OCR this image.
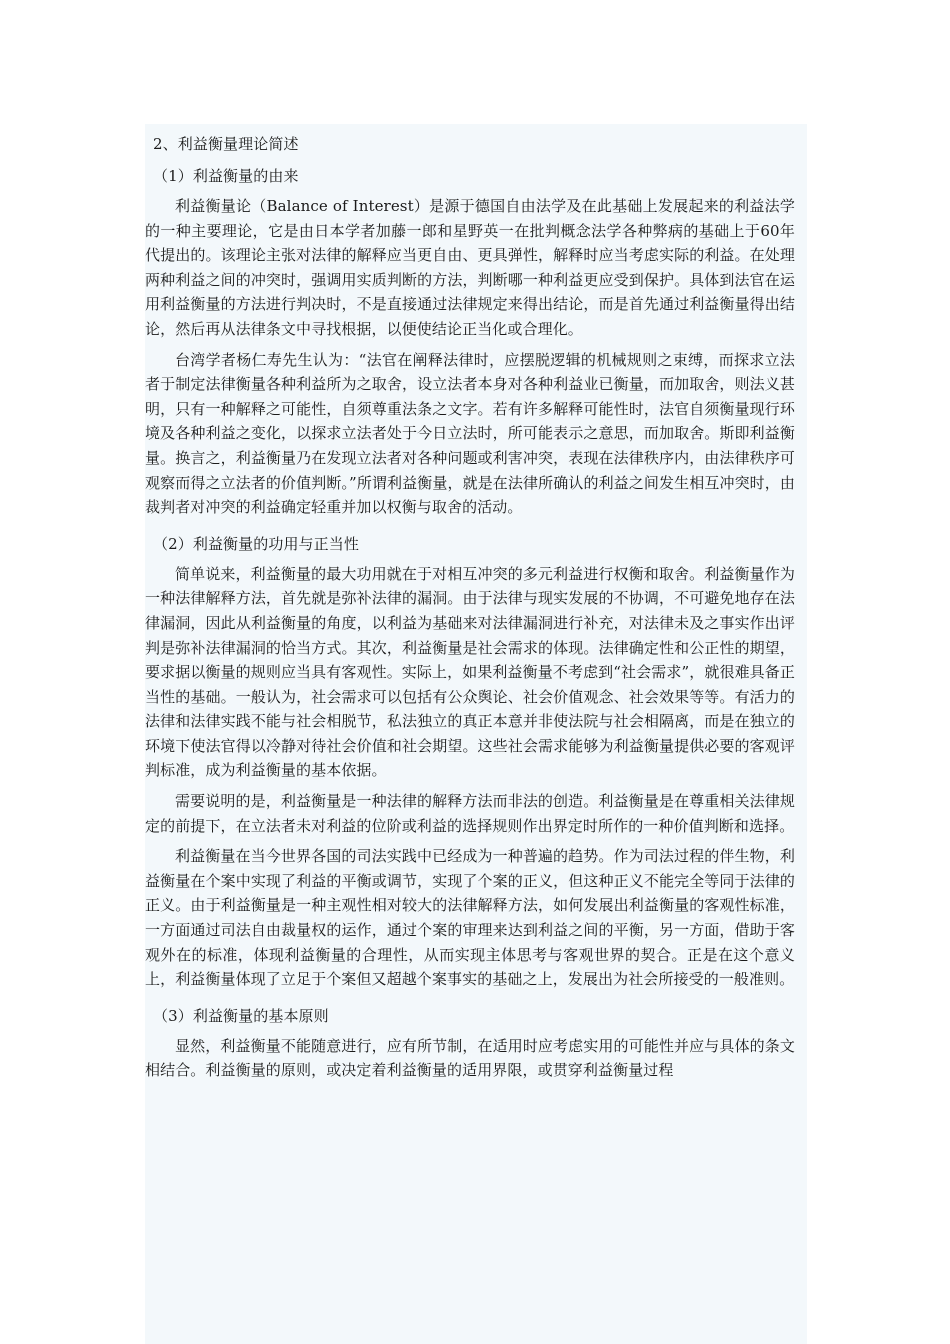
2、利益衡量理论简述
（1）利益衡量的由来

利益衡量论（Balance of Interest）是源于德国自由法学及在此基础上发展起来的利益法学的一种主要理论，它是由日本学者加藤一郎和星野英一在批判概念法学各种弊病的基础上于60年代提出的。该理论主张对法律的解释应当更自由、更具弹性，解释时应当考虑实际的利益。在处理两种利益之间的冲突时，强调用实质判断的方法，判断哪一种利益更应受到保护。具体到法官在运用利益衡量的方法进行判决时，不是直接通过法律规定来得出结论，而是首先通过利益衡量得出结论，然后再从法律条文中寻找根据，以便使结论正当化或合理化。

台湾学者杨仁寿先生认为：“法官在阐释法律时，应摆脱逻辑的机械规则之束缚，而探求立法者于制定法律衡量各种利益所为之取舍，设立法者本身对各种利益业已衡量，而加取舍，则法义甚明，只有一种解释之可能性，自须尊重法条之文字。若有许多解释可能性时，法官自须衡量现行环境及各种利益之变化，以探求立法者处于今日立法时，所可能表示之意思，而加取舍。斯即利益衡量。换言之，利益衡量乃在发现立法者对各种问题或利害冲突，表现在法律秩序内，由法律秩序可观察而得之立法者的价值判断。”所谓利益衡量，就是在法律所确认的利益之间发生相互冲突时，由裁判者对冲突的利益确定轻重并加以权衡与取舍的活动。

（2）利益衡量的功用与正当性

简单说来，利益衡量的最大功用就在于对相互冲突的多元利益进行权衡和取舍。利益衡量作为一种法律解释方法，首先就是弥补法律的漏洞。由于法律与现实发展的不协调，不可避免地存在法律漏洞，因此从利益衡量的角度，以利益为基础来对法律漏洞进行补充，对法律未及之事实作出评判是弥补法律漏洞的恰当方式。其次，利益衡量是社会需求的体现。法律确定性和公正性的期望，要求据以衡量的规则应当具有客观性。实际上，如果利益衡量不考虑到“社会需求”，就很难具备正当性的基础。一般认为，社会需求可以包括有公众舆论、社会价值观念、社会效果等等。有活力的法律和法律实践不能与社会相脱节，私法独立的真正本意并非使法院与社会相隔离，而是在独立的环境下使法官得以冷静对待社会价值和社会期望。这些社会需求能够为利益衡量提供必要的客观评判标准，成为利益衡量的基本依据。

需要说明的是，利益衡量是一种法律的解释方法而非法的创造。利益衡量是在尊重相关法律规定的前提下，在立法者未对利益的位阶或利益的选择规则作出界定时所作的一种价值判断和选择。

利益衡量在当今世界各国的司法实践中已经成为一种普遍的趋势。作为司法过程的伴生物，利益衡量在个案中实现了利益的平衡或调节，实现了个案的正义，但这种正义不能完全等同于法律的正义。由于利益衡量是一种主观性相对较大的法律解释方法，如何发展出利益衡量的客观性标准，一方面通过司法自由裁量权的运作，通过个案的审理来达到利益之间的平衡，另一方面，借助于客观外在的标准，体现利益衡量的合理性，从而实现主体思考与客观世界的契合。正是在这个意义上，利益衡量体现了立足于个案但又超越个案事实的基础之上，发展出为社会所接受的一般准则。

（3）利益衡量的基本原则

显然，利益衡量不能随意进行，应有所节制，在适用时应考虑实用的可能性并应与具体的条文相结合。利益衡量的原则，或决定着利益衡量的适用界限，或贯穿利益衡量过程
